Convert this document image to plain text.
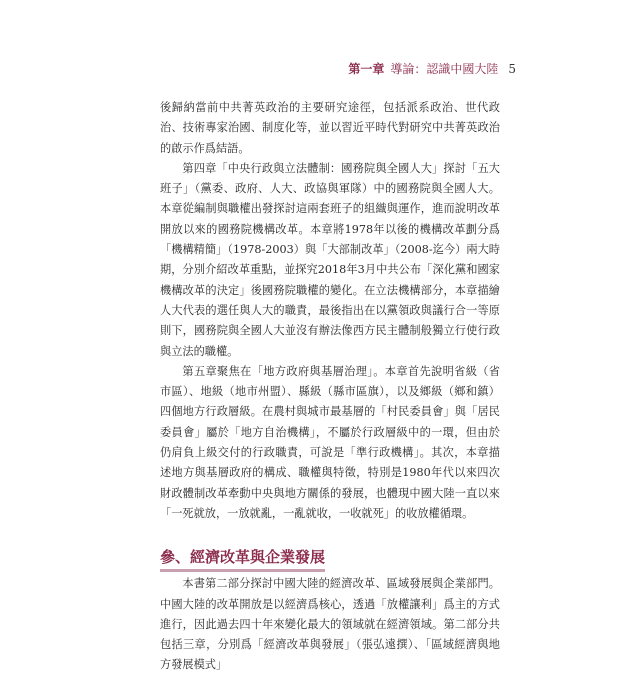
第一章 導論：認識中國大陸 5

後歸納當前中共菁英政治的主要研究途徑，包括派系政治、世代政治、技術專家治國、制度化等，並以習近平時代對研究中共菁英政治的啟示作爲結語。

第四章「中央行政與立法體制：國務院與全國人大」探討「五大班子」（黨委、政府、人大、政協與軍隊）中的國務院與全國人大。本章從編制與職權出發探討這兩套班子的組織與運作，進而說明改革開放以來的國務院機構改革。本章將1978年以後的機構改革劃分爲「機構精簡」（1978-2003）與「大部制改革」（2008-迄今）兩大時期，分別介紹改革重點，並探究2018年3月中共公布「深化黨和國家機構改革的決定」後國務院職權的變化。在立法機構部分，本章描繪人大代表的選任與人大的職責，最後指出在以黨領政與議行合一等原則下，國務院與全國人大並沒有辦法像西方民主體制般獨立行使行政與立法的職權。

第五章聚焦在「地方政府與基層治理」。本章首先說明省級（省市區）、地級（地市州盟）、縣級（縣市區旗），以及鄉級（鄉和鎮）四個地方行政層級。在農村與城市最基層的「村民委員會」與「居民委員會」屬於「地方自治機構」，不屬於行政層級中的一環，但由於仍肩負上級交付的行政職責，可說是「準行政機構」。其次，本章描述地方與基層政府的構成、職權與特徵，特別是1980年代以來四次財政體制改革牽動中央與地方關係的發展，也體現中國大陸一直以來「一死就放，一放就亂，一亂就收，一收就死」的收放權循環。

參、經濟改革與企業發展

本書第二部分探討中國大陸的經濟改革、區域發展與企業部門。中國大陸的改革開放是以經濟爲核心，透過「放權讓利」爲主的方式進行，因此過去四十年來變化最大的領域就在經濟領域。第二部分共包括三章，分別爲「經濟改革與發展」（張弘遠撰）、「區域經濟與地方發展模式」
